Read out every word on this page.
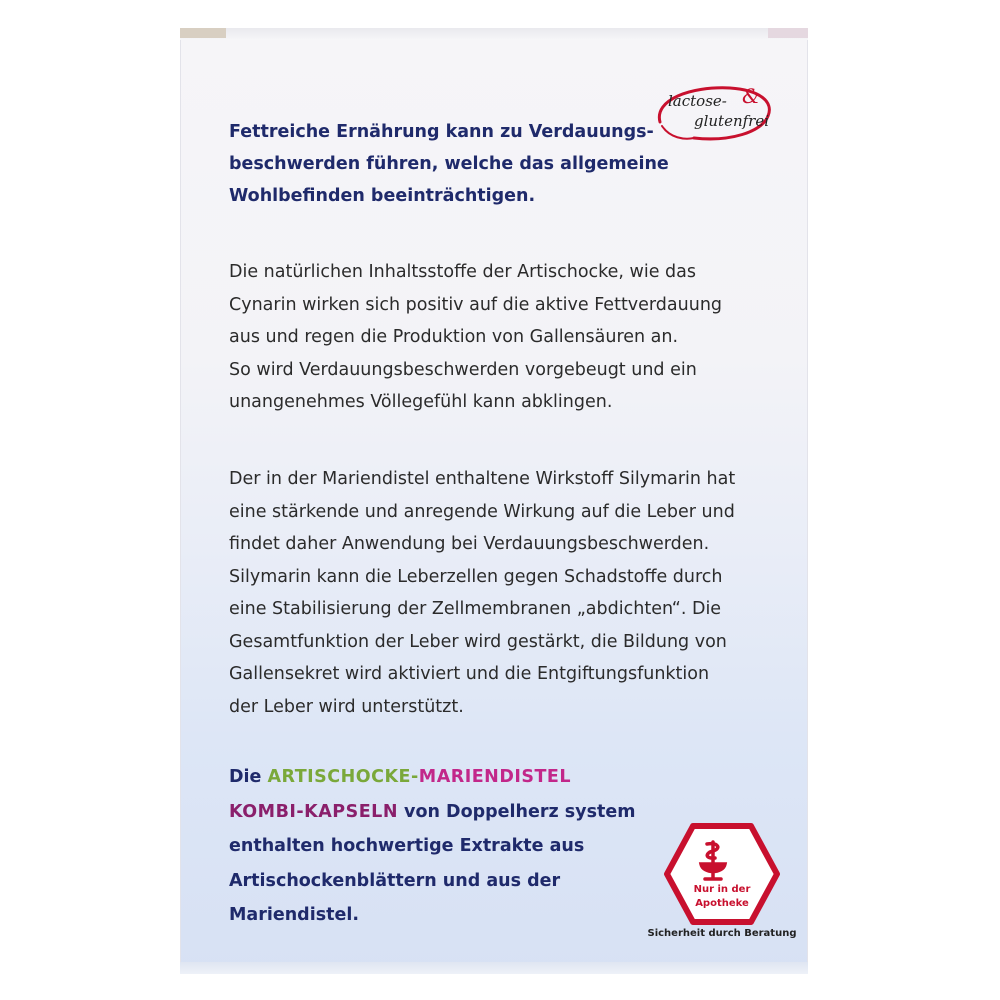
lactose- &
glutenfrei
Fettreiche Ernährung kann zu Verdauungs-
beschwerden führen, welche das allgemeine
Wohlbefinden beeinträchtigen.
Die natürlichen Inhaltsstoffe der Artischocke, wie das
Cynarin wirken sich positiv auf die aktive Fettverdauung
aus und regen die Produktion von Gallensäuren an.
So wird Verdauungsbeschwerden vorgebeugt und ein
unangenehmes Völlegefühl kann abklingen.
Der in der Mariendistel enthaltene Wirkstoff Silymarin hat
eine stärkende und anregende Wirkung auf die Leber und
findet daher Anwendung bei Verdauungsbeschwerden.
Silymarin kann die Leberzellen gegen Schadstoffe durch
eine Stabilisierung der Zellmembranen „abdichten“. Die
Gesamtfunktion der Leber wird gestärkt, die Bildung von
Gallensekret wird aktiviert und die Entgiftungsfunktion
der Leber wird unterstützt.
Die ARTISCHOCKE-MARIENDISTEL
KOMBI-KAPSELN von Doppelherz system
enthalten hochwertige Extrakte aus
Artischockenblättern und aus der
Mariendistel.
Nur in der
Apotheke
Sicherheit durch Beratung
